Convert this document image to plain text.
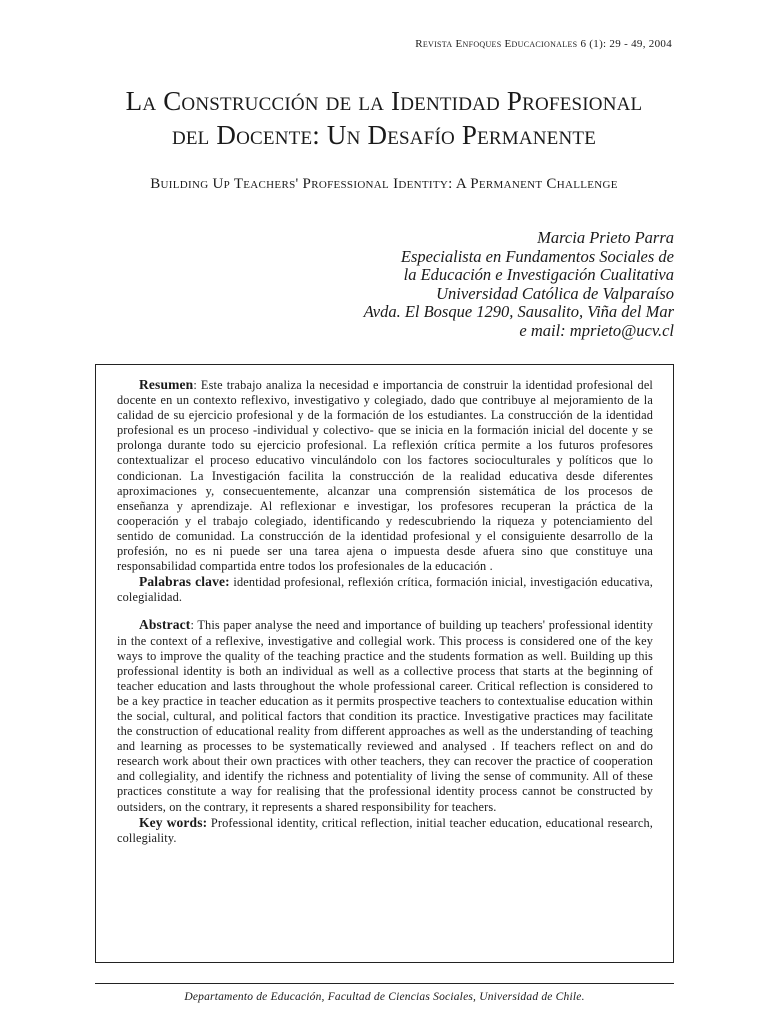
Revista Enfoques Educacionales 6 (1): 29 - 49, 2004
La Construcción de la Identidad Profesional
del Docente: Un Desafío Permanente
Building Up Teachers' Professional Identity: A Permanent Challenge
Marcia Prieto Parra
Especialista en Fundamentos Sociales de
la Educación e Investigación Cualitativa
Universidad Católica de Valparaíso
Avda. El Bosque 1290, Sausalito, Viña del Mar
e mail: mprieto@ucv.cl

Resumen: Este trabajo analiza la necesidad e importancia de construir la identidad profesional del docente en un contexto reflexivo, investigativo y colegiado, dado que contribuye al mejoramiento de la calidad de su ejercicio profesional y de la formación de los estudiantes. La construcción de la identidad profesional es un proceso -individual y colectivo- que se inicia en la formación inicial del docente y se prolonga durante todo su ejercicio profesional. La reflexión crítica permite a los futuros profesores contextualizar el proceso educativo vinculándolo con los factores socioculturales y políticos que lo condicionan. La Investigación facilita la construcción de la realidad educativa desde diferentes aproximaciones y, consecuentemente, alcanzar una comprensión sistemática de los procesos de enseñanza y aprendizaje. Al reflexionar e investigar, los profesores recuperan la práctica de la cooperación y el trabajo colegiado, identificando y redescubriendo la riqueza y potenciamiento del sentido de comunidad. La construcción de la identidad profesional y el consiguiente desarrollo de la profesión, no es ni puede ser una tarea ajena o impuesta desde afuera sino que constituye una responsabilidad compartida entre todos los profesionales de la educación .

Palabras clave: identidad profesional, reflexión crítica, formación inicial, investigación educativa, colegialidad.

Abstract: This paper analyse the need and importance of building up teachers' professional identity in the context of a reflexive, investigative and collegial work. This process is considered one of the key ways to improve the quality of the teaching practice and the students formation as well. Building up this professional identity is both an individual as well as a collective process that starts at the beginning of teacher education and lasts throughout the whole professional career. Critical reflection is considered to be a key practice in teacher education as it permits prospective teachers to contextualise education within the social, cultural, and political factors that condition its practice. Investigative practices may facilitate the construction of educational reality from different approaches as well as the understanding of teaching and learning as processes to be systematically reviewed and analysed . If teachers reflect on and do research work about their own practices with other teachers, they can recover the practice of cooperation and collegiality, and identify the richness and potentiality of living the sense of community. All of these practices constitute a way for realising that the professional identity process cannot be constructed by outsiders, on the contrary, it represents a shared responsibility for teachers.

Key words: Professional identity, critical reflection, initial teacher education, educational research, collegiality.

Departamento de Educación, Facultad de Ciencias Sociales, Universidad de Chile.
